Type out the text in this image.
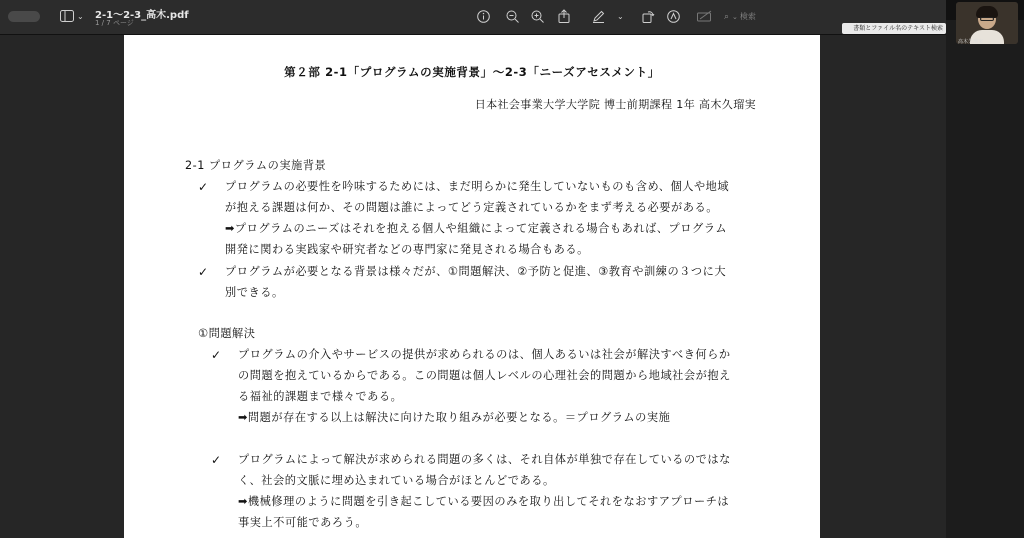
⌄ 2-1～2-3_高木.pdf
1 / 7 ページ
⌄	⌕ ⌄ 検索
第２部 2-1「プログラムの実施背景」～2-3「ニーズアセスメント」
日本社会事業大学大学院 博士前期課程 1年 高木久瑠実
2-1 プログラムの実施背景
✓ プログラムの必要性を吟味するためには、まだ明らかに発生していないものも含め、個人や地域
が抱える課題は何か、その問題は誰によってどう定義されているかをまず考える必要がある。
➡プログラムのニーズはそれを抱える個人や組織によって定義される場合もあれば、プログラム
開発に関わる実践家や研究者などの専門家に発見される場合もある。
✓ プログラムが必要となる背景は様々だが、①問題解決、②予防と促進、③教育や訓練の３つに大
別できる。
①問題解決
✓ プログラムの介入やサービスの提供が求められるのは、個人あるいは社会が解決すべき何らか
の問題を抱えているからである。この問題は個人レベルの心理社会的問題から地域社会が抱え
る福祉的課題まで様々である。
➡問題が存在する以上は解決に向けた取り組みが必要となる。＝プログラムの実施
✓ プログラムによって解決が求められる問題の多くは、それ自体が単独で存在しているのではな
く、社会的文脈に埋め込まれている場合がほとんどである。
➡機械修理のように問題を引き起こしている要因のみを取り出してそれをなおすアプローチは
事実上不可能であろう。
髙木久瑠実
書類とファイル名のテキスト検索
